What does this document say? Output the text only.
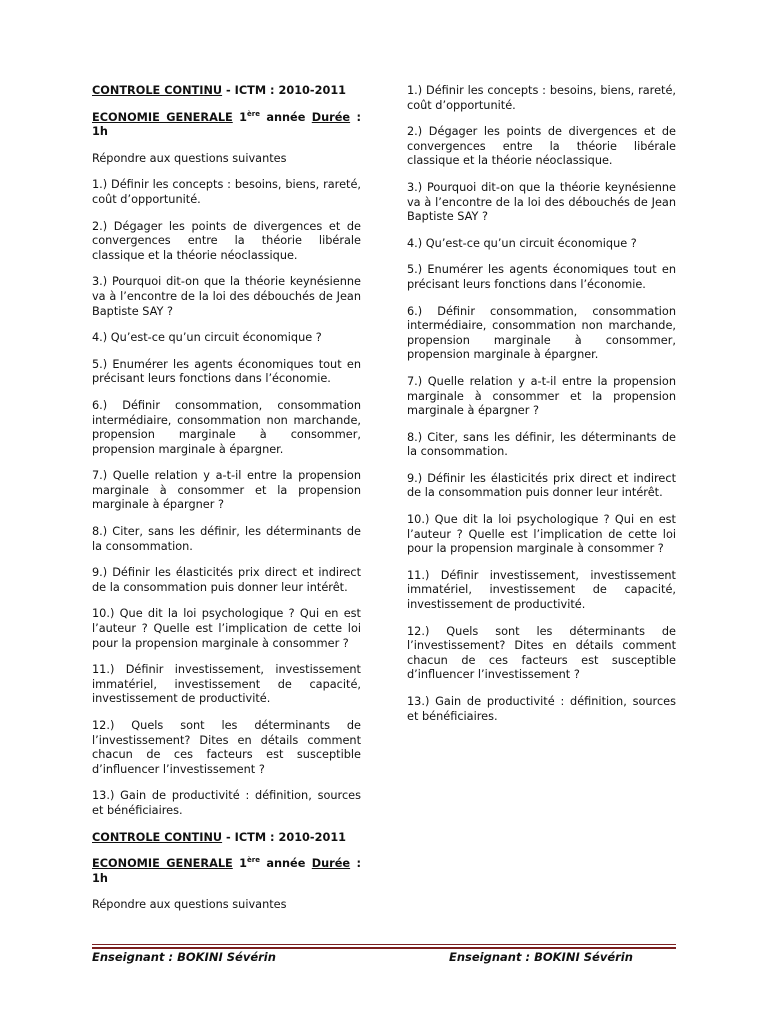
CONTROLE CONTINU - ICTM : 2010-2011
ECONOMIE GENERALE 1ère année Durée : 1h
Répondre aux questions suivantes
1.) Définir les concepts : besoins, biens, rareté, coût d’opportunité.
2.) Dégager les points de divergences et de convergences entre la théorie libérale classique et la théorie néoclassique.
3.) Pourquoi dit-on que la théorie keynésienne va à l’encontre de la loi des débouchés de Jean Baptiste SAY ?
4.) Qu’est-ce qu’un circuit économique ?
5.) Enumérer les agents économiques tout en précisant leurs fonctions dans l’économie.
6.) Définir consommation, consommation intermédiaire, consommation non marchande, propension marginale à consommer, propension marginale à épargner.
7.) Quelle relation y a-t-il entre la propension marginale à consommer et la propension marginale à épargner ?
8.) Citer, sans les définir, les déterminants de la consommation.
9.) Définir les élasticités prix direct et indirect de la consommation puis donner leur intérêt.
10.) Que dit la loi psychologique ? Qui en est l’auteur ? Quelle est l’implication de cette loi pour la propension marginale à consommer ?
11.) Définir investissement, investissement immatériel, investissement de capacité, investissement de productivité.
12.) Quels sont les déterminants de l’investissement? Dites en détails comment chacun de ces facteurs est susceptible d’influencer l’investissement ?
13.) Gain de productivité : définition, sources et bénéficiaires.
CONTROLE CONTINU - ICTM : 2010-2011
ECONOMIE GENERALE 1ère année Durée : 1h
Répondre aux questions suivantes
1.) Définir les concepts : besoins, biens, rareté, coût d’opportunité.
2.) Dégager les points de divergences et de convergences entre la théorie libérale classique et la théorie néoclassique.
3.) Pourquoi dit-on que la théorie keynésienne va à l’encontre de la loi des débouchés de Jean Baptiste SAY ?
4.) Qu’est-ce qu’un circuit économique ?
5.) Enumérer les agents économiques tout en précisant leurs fonctions dans l’économie.
6.) Définir consommation, consommation intermédiaire, consommation non marchande, propension marginale à consommer, propension marginale à épargner.
7.) Quelle relation y a-t-il entre la propension marginale à consommer et la propension marginale à épargner ?
8.) Citer, sans les définir, les déterminants de la consommation.
9.) Définir les élasticités prix direct et indirect de la consommation puis donner leur intérêt.
10.) Que dit la loi psychologique ? Qui en est l’auteur ? Quelle est l’implication de cette loi pour la propension marginale à consommer ?
11.) Définir investissement, investissement immatériel, investissement de capacité, investissement de productivité.
12.) Quels sont les déterminants de l’investissement? Dites en détails comment chacun de ces facteurs est susceptible d’influencer l’investissement ?
13.) Gain de productivité : définition, sources et bénéficiaires.
Enseignant : BOKINI Sévérin	Enseignant : BOKINI Sévérin
